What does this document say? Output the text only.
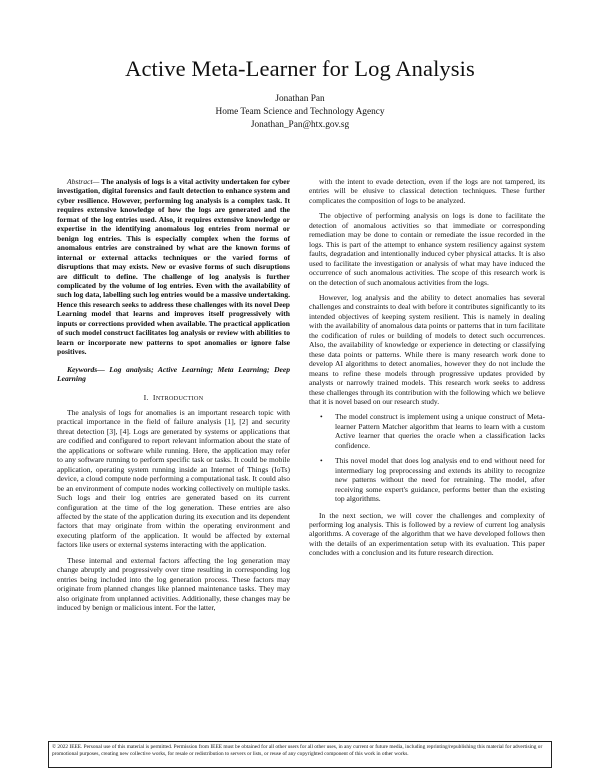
Active Meta-Learner for Log Analysis
Jonathan Pan
Home Team Science and Technology Agency
Jonathan_Pan@htx.gov.sg

Abstract— The analysis of logs is a vital activity undertaken for cyber investigation, digital forensics and fault detection to enhance system and cyber resilience. However, performing log analysis is a complex task. It requires extensive knowledge of how the logs are generated and the format of the log entries used. Also, it requires extensive knowledge or expertise in the identifying anomalous log entries from normal or benign log entries. This is especially complex when the forms of anomalous entries are constrained by what are the known forms of internal or external attacks techniques or the varied forms of disruptions that may exists. New or evasive forms of such disruptions are difficult to define. The challenge of log analysis is further complicated by the volume of log entries. Even with the availability of such log data, labelling such log entries would be a massive undertaking. Hence this research seeks to address these challenges with its novel Deep Learning model that learns and improves itself progressively with inputs or corrections provided when available. The practical application of such model construct facilitates log analysis or review with abilities to learn or incorporate new patterns to spot anomalies or ignore false positives.

Keywords— Log analysis; Active Learning; Meta Learning; Deep Learning

I. INTRODUCTION

The analysis of logs for anomalies is an important research topic with practical importance in the field of failure analysis [1], [2] and security threat detection [3], [4]. Logs are generated by systems or applications that are codified and configured to report relevant information about the state of the applications or software while running. Here, the application may refer to any software running to perform specific task or tasks. It could be mobile application, operating system running inside an Internet of Things (IoTs) device, a cloud compute node performing a computational task. It could also be an environment of compute nodes working collectively on multiple tasks. Such logs and their log entries are generated based on its current configuration at the time of the log generation. These entries are also affected by the state of the application during its execution and its dependent factors that may originate from within the operating environment and executing platform of the application. It would be affected by external factors like users or external systems interacting with the application.

These internal and external factors affecting the log generation may change abruptly and progressively over time resulting in corresponding log entries being included into the log generation process. These factors may originate from planned changes like planned maintenance tasks. They may also originate from unplanned activities. Additionally, these changes may be induced by benign or malicious intent. For the latter,

with the intent to evade detection, even if the logs are not tampered, its entries will be elusive to classical detection techniques. These further complicates the composition of logs to be analyzed.

The objective of performing analysis on logs is done to facilitate the detection of anomalous activities so that immediate or corresponding remediation may be done to contain or remediate the issue recorded in the logs. This is part of the attempt to enhance system resiliency against system faults, degradation and intentionally induced cyber physical attacks. It is also used to facilitate the investigation or analysis of what may have induced the occurrence of such anomalous activities. The scope of this research work is on the detection of such anomalous activities from the logs.

However, log analysis and the ability to detect anomalies has several challenges and constraints to deal with before it contributes significantly to its intended objectives of keeping system resilient. This is namely in dealing with the availability of anomalous data points or patterns that in turn facilitate the codification of rules or building of models to detect such occurrences. Also, the availability of knowledge or experience in detecting or classifying these data points or patterns. While there is many research work done to develop AI algorithms to detect anomalies, however they do not include the means to refine these models through progressive updates provided by analysts or narrowly trained models. This research work seeks to address these challenges through its contribution with the following which we believe that it is novel based on our research study.

• The model construct is implement using a unique construct of Meta-learner Pattern Matcher algorithm that learns to learn with a custom Active learner that queries the oracle when a classification lacks confidence.
• This novel model that does log analysis end to end without need for intermediary log preprocessing and extends its ability to recognize new patterns without the need for retraining. The model, after receiving some expert's guidance, performs better than the existing top algorithms.

In the next section, we will cover the challenges and complexity of performing log analysis. This is followed by a review of current log analysis algorithms. A coverage of the algorithm that we have developed follows then with the details of an experimentation setup with its evaluation. This paper concludes with a conclusion and its future research direction.

© 2022 IEEE. Personal use of this material is permitted. Permission from IEEE must be obtained for all other users for all other uses, in any current or future media, including reprinting/republishing this material for advertising or promotional purposes, creating new collective works, for resale or redistribution to servers or lists, or reuse of any copyrighted component of this work in other works.
